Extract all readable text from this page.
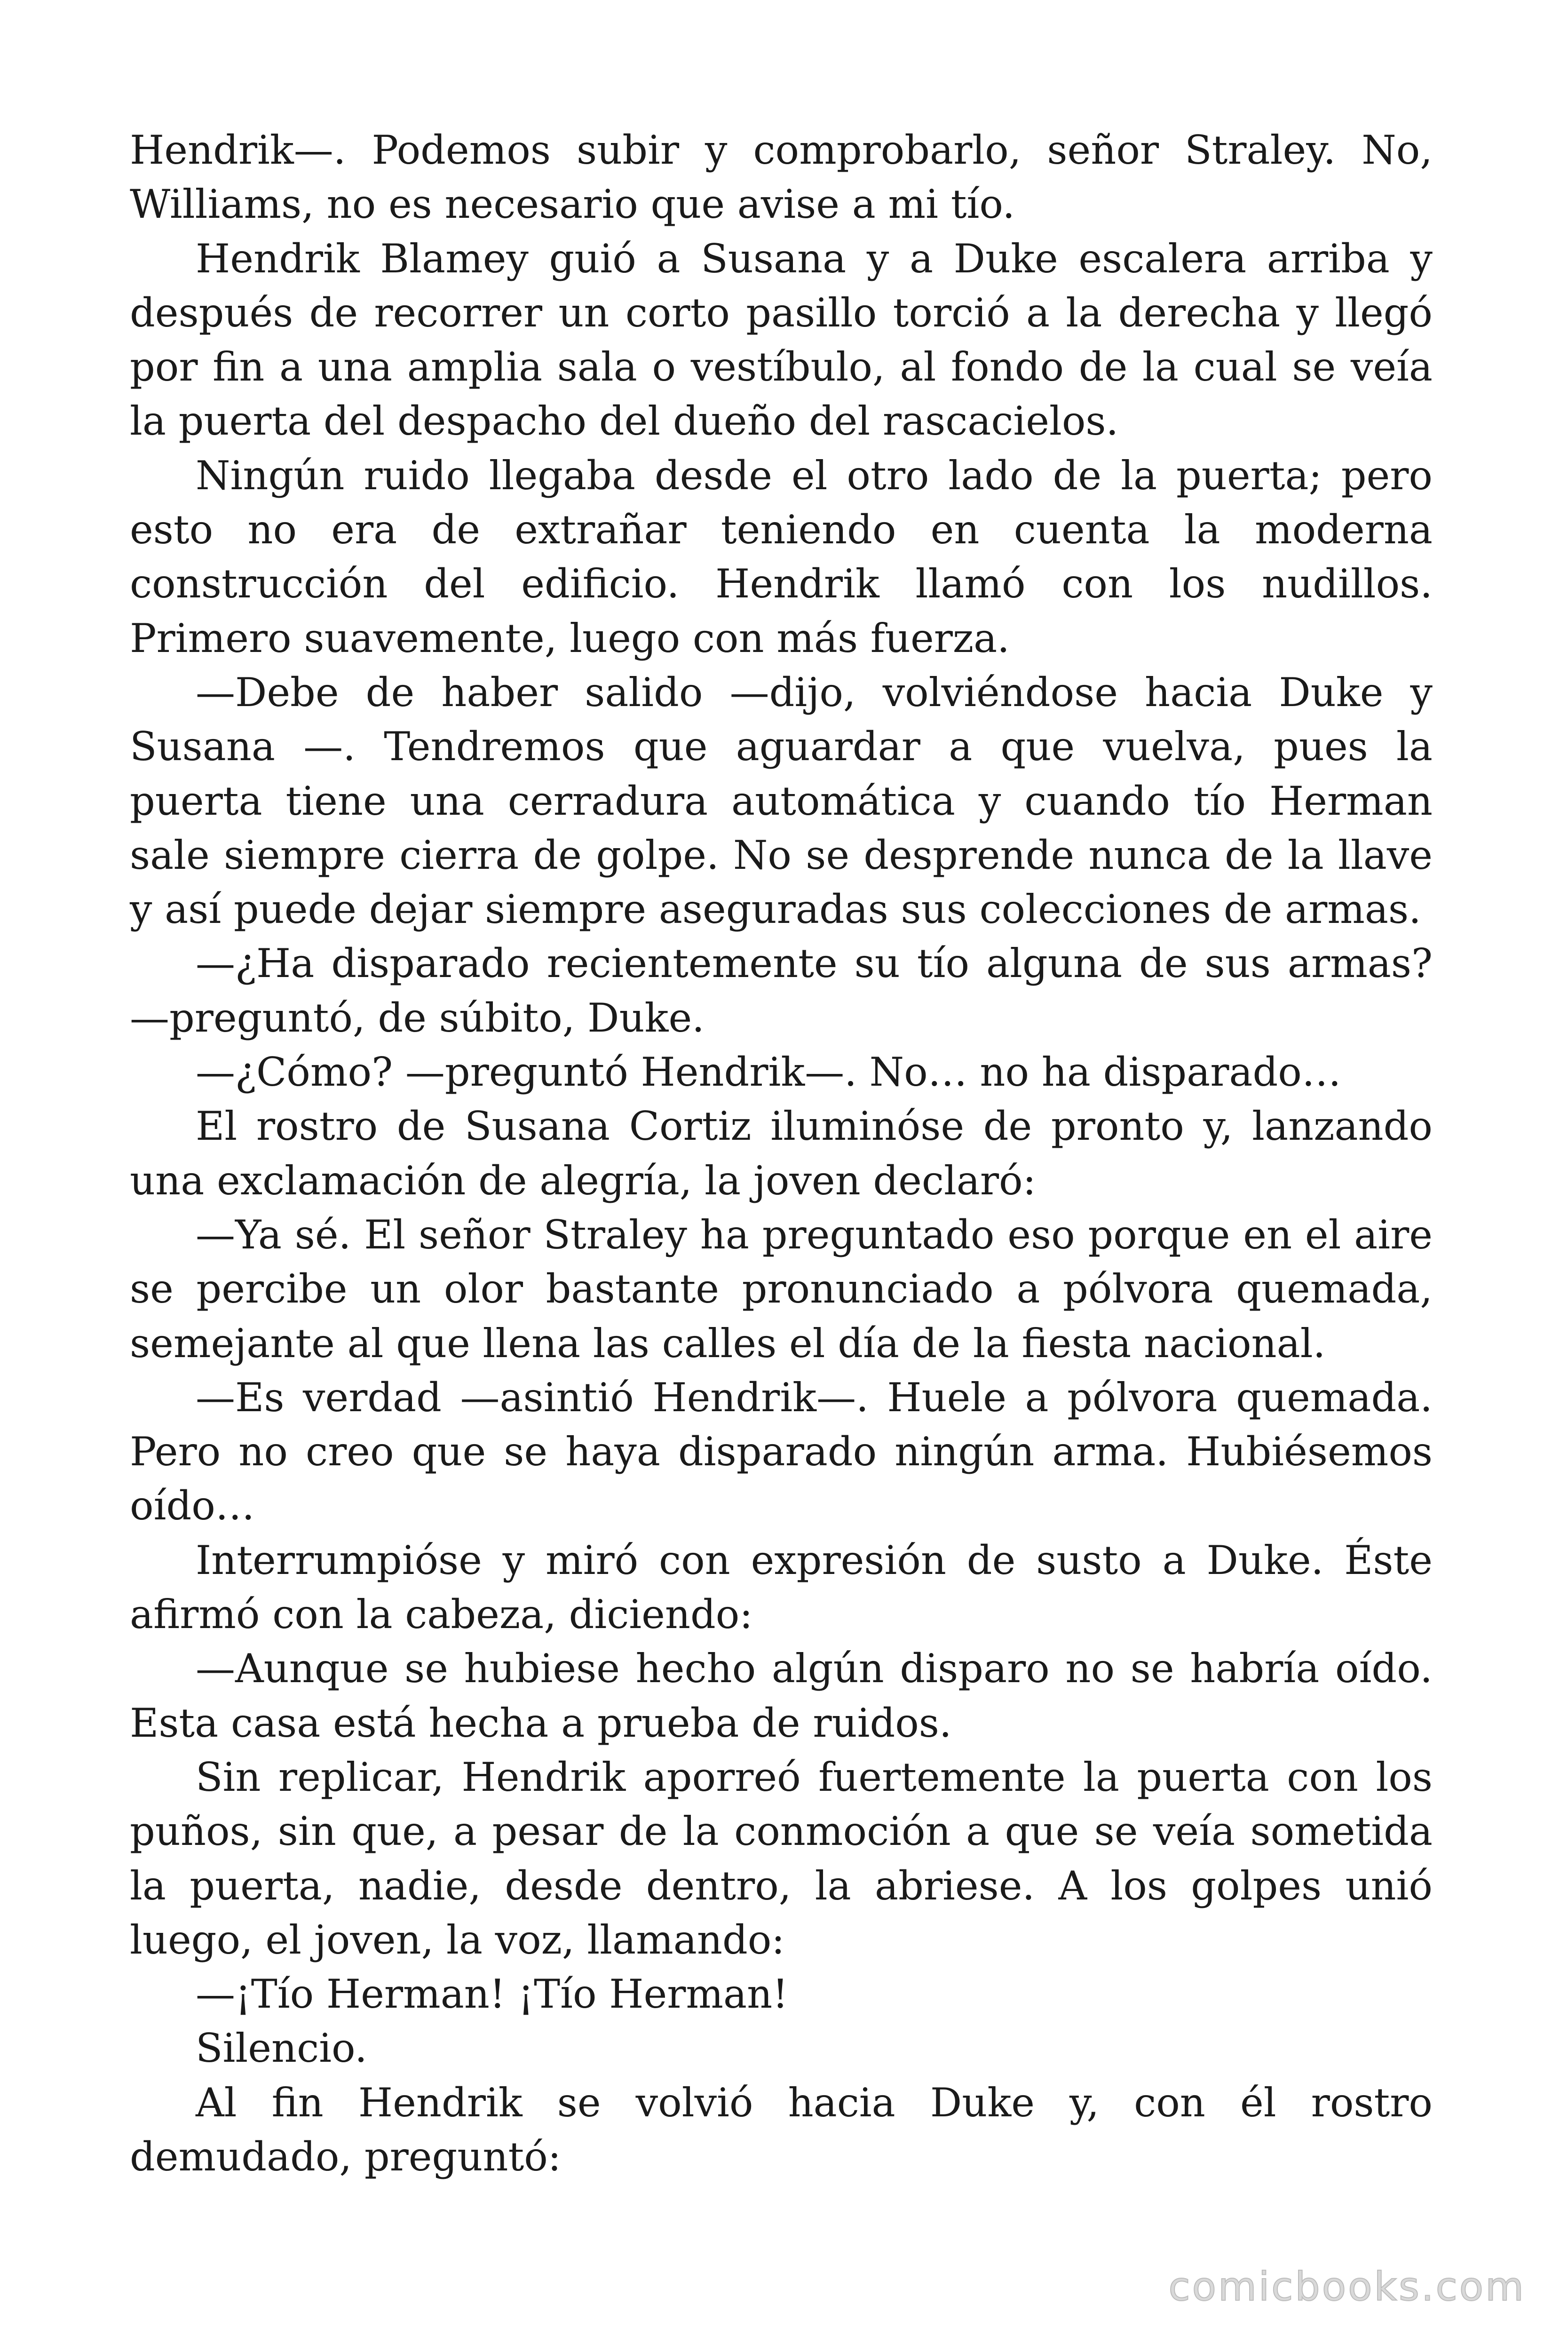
Hendrik—. Podemos subir y comprobarlo, señor Straley. No, Williams, no es necesario que avise a mi tío.

Hendrik Blamey guió a Susana y a Duke escalera arriba y después de recorrer un corto pasillo torció a la derecha y llegó por fin a una amplia sala o vestíbulo, al fondo de la cual se veía la puerta del despacho del dueño del rascacielos.

Ningún ruido llegaba desde el otro lado de la puerta; pero esto no era de extrañar teniendo en cuenta la moderna construcción del edificio. Hendrik llamó con los nudillos. Primero suavemente, luego con más fuerza.

—Debe de haber salido —dijo, volviéndose hacia Duke y Susana —. Tendremos que aguardar a que vuelva, pues la puerta tiene una cerradura automática y cuando tío Herman sale siempre cierra de golpe. No se desprende nunca de la llave y así puede dejar siempre aseguradas sus colecciones de armas.

—¿Ha disparado recientemente su tío alguna de sus armas? —preguntó, de súbito, Duke.

—¿Cómo? —preguntó Hendrik—. No… no ha disparado…

El rostro de Susana Cortiz iluminóse de pronto y, lanzando una exclamación de alegría, la joven declaró:

—Ya sé. El señor Straley ha preguntado eso porque en el aire se percibe un olor bastante pronunciado a pólvora quemada, semejante al que llena las calles el día de la fiesta nacional.

—Es verdad —asintió Hendrik—. Huele a pólvora quemada. Pero no creo que se haya disparado ningún arma. Hubiésemos oído…

Interrumpióse y miró con expresión de susto a Duke. Éste afirmó con la cabeza, diciendo:

—Aunque se hubiese hecho algún disparo no se habría oído. Esta casa está hecha a prueba de ruidos.

Sin replicar, Hendrik aporreó fuertemente la puerta con los puños, sin que, a pesar de la conmoción a que se veía sometida la puerta, nadie, desde dentro, la abriese. A los golpes unió luego, el joven, la voz, llamando:

—¡Tío Herman! ¡Tío Herman!

Silencio.

Al fin Hendrik se volvió hacia Duke y, con él rostro demudado, preguntó:

comicbooks.com
